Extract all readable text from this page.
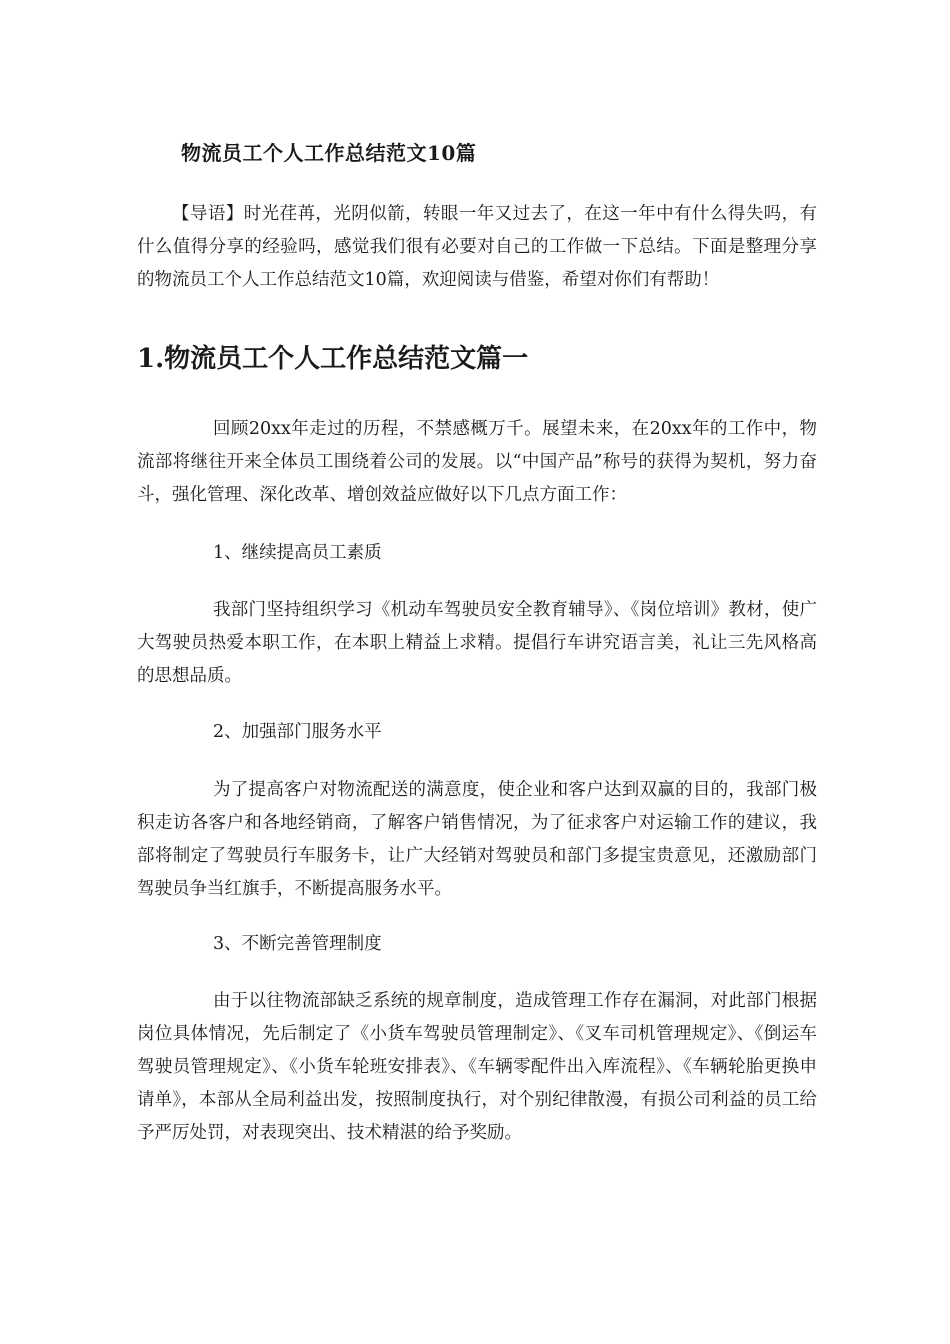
物流员工个人工作总结范文10篇

【导语】时光荏苒，光阴似箭，转眼一年又过去了，在这一年中有什么得失吗，有什么值得分享的经验吗，感觉我们很有必要对自己的工作做一下总结。下面是整理分享的物流员工个人工作总结范文10篇，欢迎阅读与借鉴，希望对你们有帮助！

1.物流员工个人工作总结范文篇一

回顾20xx年走过的历程，不禁感概万千。展望未来，在20xx年的工作中，物流部将继往开来全体员工围绕着公司的发展。以“中国产品”称号的获得为契机，努力奋斗，强化管理、深化改革、增创效益应做好以下几点方面工作：

1、继续提高员工素质

我部门坚持组织学习《机动车驾驶员安全教育辅导》、《岗位培训》教材，使广大驾驶员热爱本职工作，在本职上精益上求精。提倡行车讲究语言美，礼让三先风格高的思想品质。

2、加强部门服务水平

为了提高客户对物流配送的满意度，使企业和客户达到双赢的目的，我部门极积走访各客户和各地经销商，了解客户销售情况，为了征求客户对运输工作的建议，我部将制定了驾驶员行车服务卡，让广大经销对驾驶员和部门多提宝贵意见，还激励部门驾驶员争当红旗手，不断提高服务水平。

3、不断完善管理制度

由于以往物流部缺乏系统的规章制度，造成管理工作存在漏洞，对此部门根据岗位具体情况，先后制定了《小货车驾驶员管理制定》、《叉车司机管理规定》、《倒运车驾驶员管理规定》、《小货车轮班安排表》、《车辆零配件出入库流程》、《车辆轮胎更换申请单》，本部从全局利益出发，按照制度执行，对个别纪律散漫，有损公司利益的员工给予严厉处罚，对表现突出、技术精湛的给予奖励。
